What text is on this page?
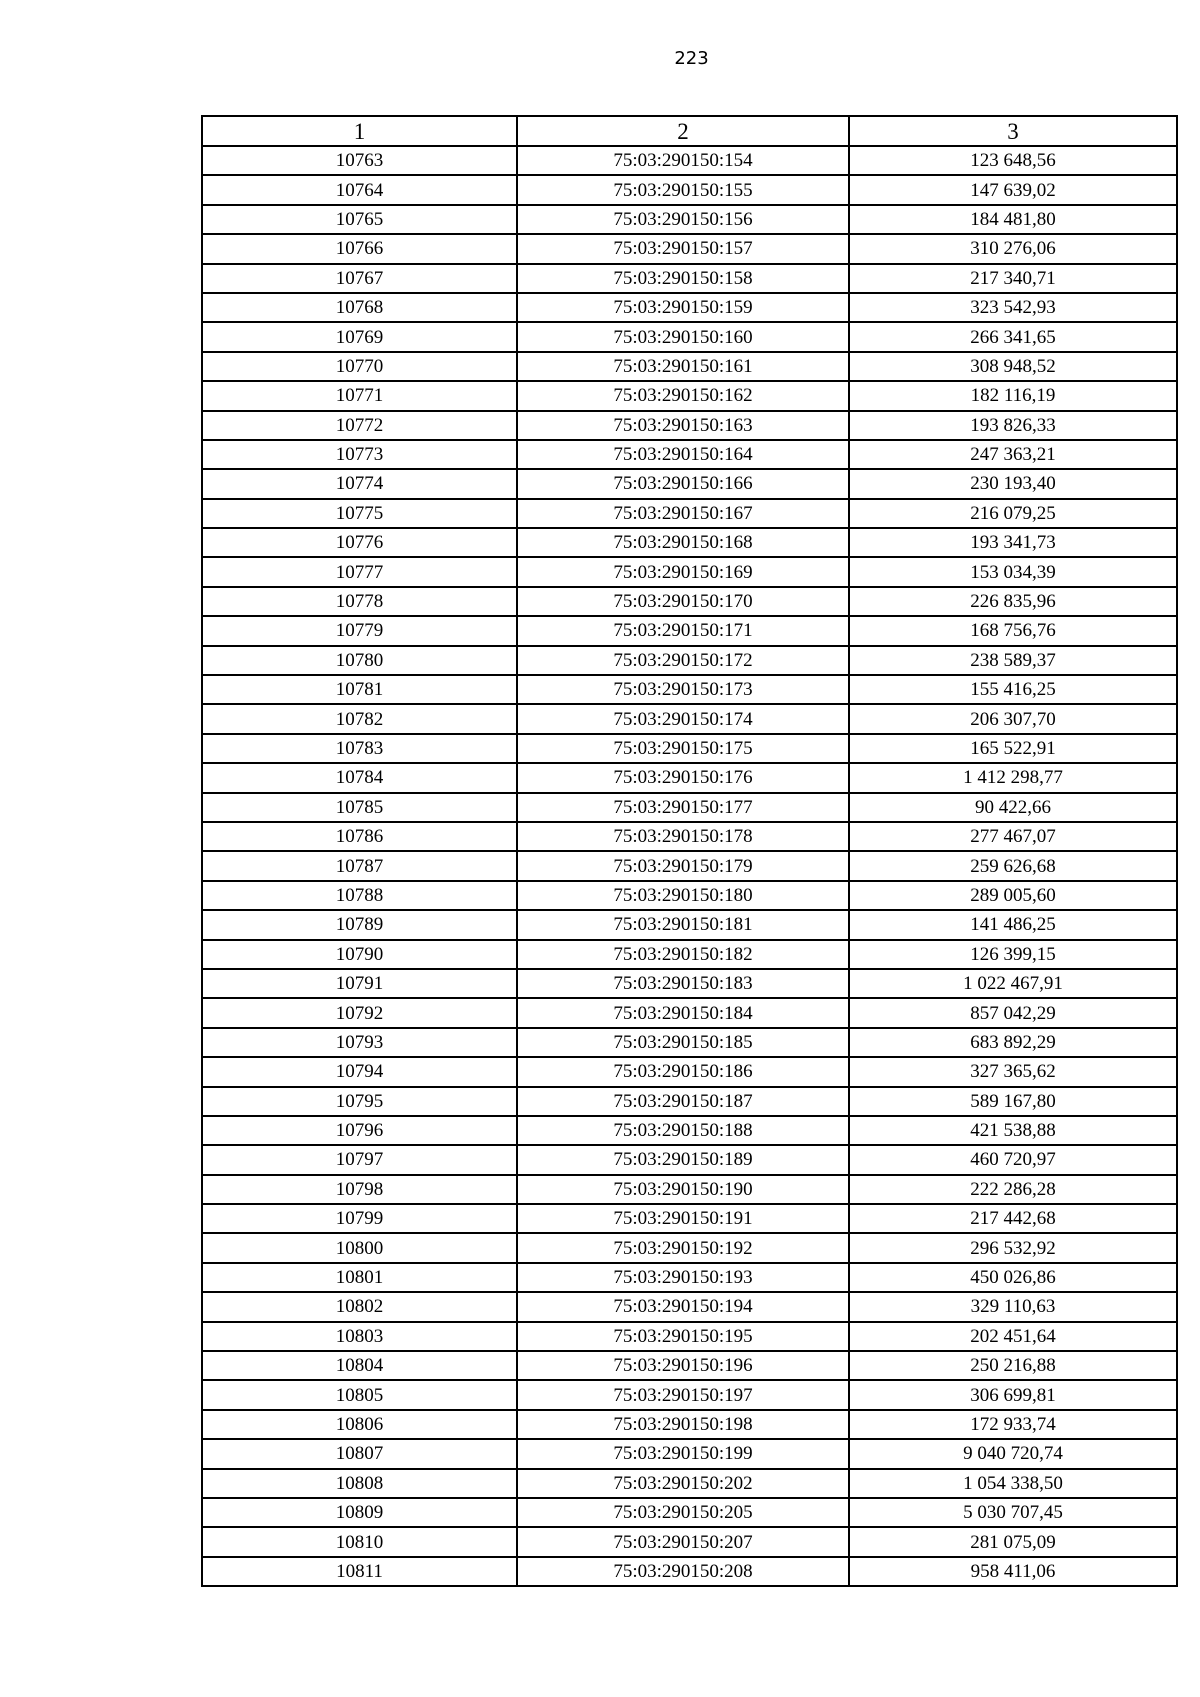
223
1	2	3
10763	75:03:290150:154	123 648,56
10764	75:03:290150:155	147 639,02
10765	75:03:290150:156	184 481,80
10766	75:03:290150:157	310 276,06
10767	75:03:290150:158	217 340,71
10768	75:03:290150:159	323 542,93
10769	75:03:290150:160	266 341,65
10770	75:03:290150:161	308 948,52
10771	75:03:290150:162	182 116,19
10772	75:03:290150:163	193 826,33
10773	75:03:290150:164	247 363,21
10774	75:03:290150:166	230 193,40
10775	75:03:290150:167	216 079,25
10776	75:03:290150:168	193 341,73
10777	75:03:290150:169	153 034,39
10778	75:03:290150:170	226 835,96
10779	75:03:290150:171	168 756,76
10780	75:03:290150:172	238 589,37
10781	75:03:290150:173	155 416,25
10782	75:03:290150:174	206 307,70
10783	75:03:290150:175	165 522,91
10784	75:03:290150:176	1 412 298,77
10785	75:03:290150:177	90 422,66
10786	75:03:290150:178	277 467,07
10787	75:03:290150:179	259 626,68
10788	75:03:290150:180	289 005,60
10789	75:03:290150:181	141 486,25
10790	75:03:290150:182	126 399,15
10791	75:03:290150:183	1 022 467,91
10792	75:03:290150:184	857 042,29
10793	75:03:290150:185	683 892,29
10794	75:03:290150:186	327 365,62
10795	75:03:290150:187	589 167,80
10796	75:03:290150:188	421 538,88
10797	75:03:290150:189	460 720,97
10798	75:03:290150:190	222 286,28
10799	75:03:290150:191	217 442,68
10800	75:03:290150:192	296 532,92
10801	75:03:290150:193	450 026,86
10802	75:03:290150:194	329 110,63
10803	75:03:290150:195	202 451,64
10804	75:03:290150:196	250 216,88
10805	75:03:290150:197	306 699,81
10806	75:03:290150:198	172 933,74
10807	75:03:290150:199	9 040 720,74
10808	75:03:290150:202	1 054 338,50
10809	75:03:290150:205	5 030 707,45
10810	75:03:290150:207	281 075,09
10811	75:03:290150:208	958 411,06
